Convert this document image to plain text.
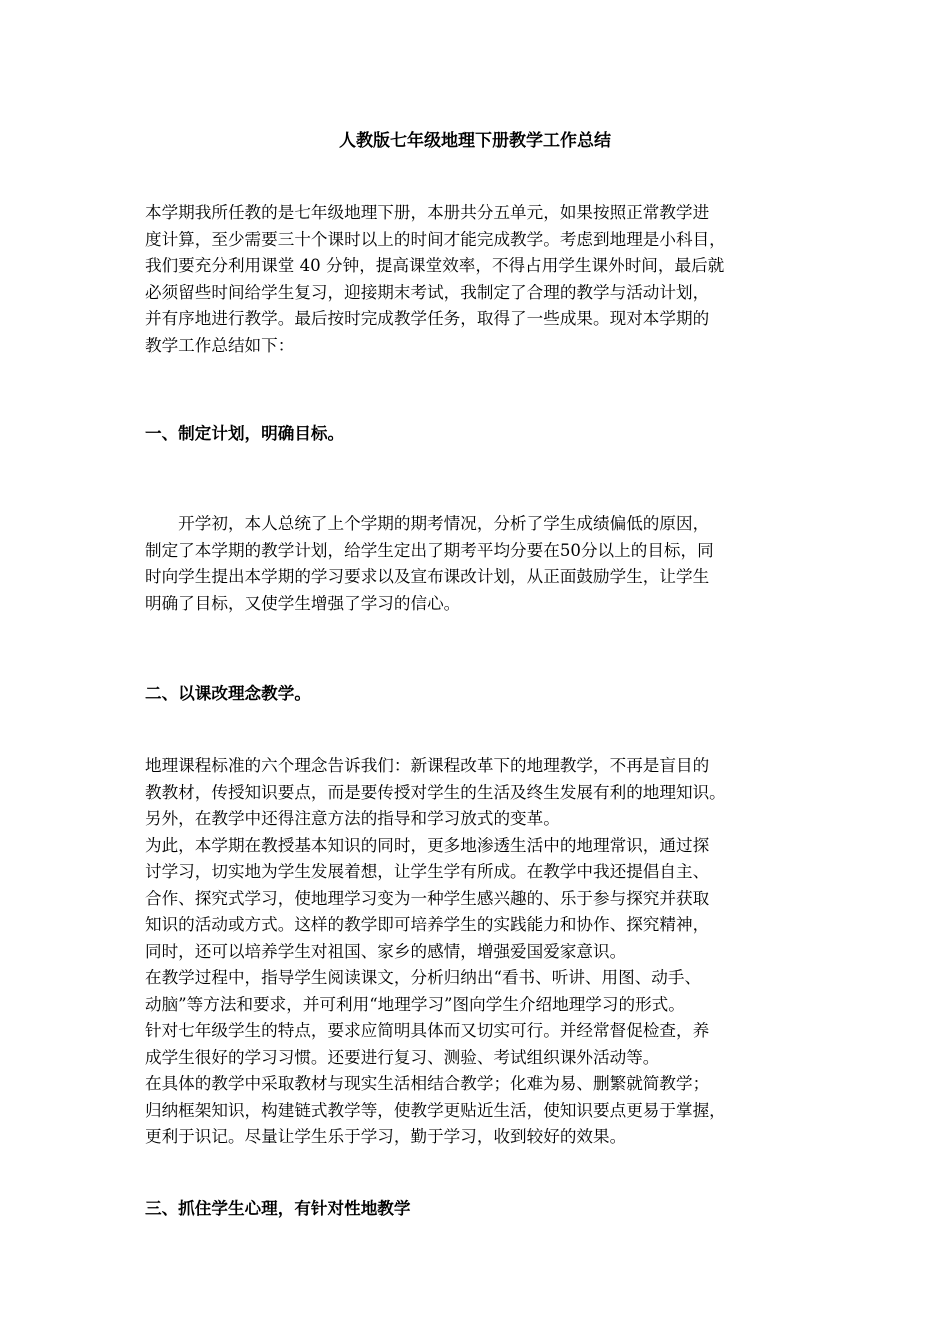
人教版七年级地理下册教学工作总结
本学期我所任教的是七年级地理下册，本册共分五单元，如果按照正常教学进
度计算，至少需要三十个课时以上的时间才能完成教学。考虑到地理是小科目，
我们要充分利用课堂 40 分钟，提高课堂效率，不得占用学生课外时间，最后就
必须留些时间给学生复习，迎接期末考试，我制定了合理的教学与活动计划，
并有序地进行教学。最后按时完成教学任务，取得了一些成果。现对本学期的
教学工作总结如下：
一、制定计划，明确目标。
　　开学初，本人总统了上个学期的期考情况，分析了学生成绩偏低的原因，
制定了本学期的教学计划，给学生定出了期考平均分要在50分以上的目标，同
时向学生提出本学期的学习要求以及宣布课改计划，从正面鼓励学生，让学生
明确了目标，又使学生增强了学习的信心。
二、以课改理念教学。
地理课程标准的六个理念告诉我们：新课程改革下的地理教学，不再是盲目的
教教材，传授知识要点，而是要传授对学生的生活及终生发展有利的地理知识。
另外，在教学中还得注意方法的指导和学习放式的变革。
为此，本学期在教授基本知识的同时，更多地渗透生活中的地理常识，通过探
讨学习，切实地为学生发展着想，让学生学有所成。在教学中我还提倡自主、
合作、探究式学习，使地理学习变为一种学生感兴趣的、乐于参与探究并获取
知识的活动或方式。这样的教学即可培养学生的实践能力和协作、探究精神，
同时，还可以培养学生对祖国、家乡的感情，增强爱国爱家意识。
在教学过程中，指导学生阅读课文，分析归纳出“看书、听讲、用图、动手、
动脑”等方法和要求，并可利用“地理学习”图向学生介绍地理学习的形式。
针对七年级学生的特点，要求应简明具体而又切实可行。并经常督促检查，养
成学生很好的学习习惯。还要进行复习、测验、考试组织课外活动等。
在具体的教学中采取教材与现实生活相结合教学；化难为易、删繁就简教学；
归纳框架知识，构建链式教学等，使教学更贴近生活，使知识要点更易于掌握，
更利于识记。尽量让学生乐于学习，勤于学习，收到较好的效果。
三、抓住学生心理，有针对性地教学
